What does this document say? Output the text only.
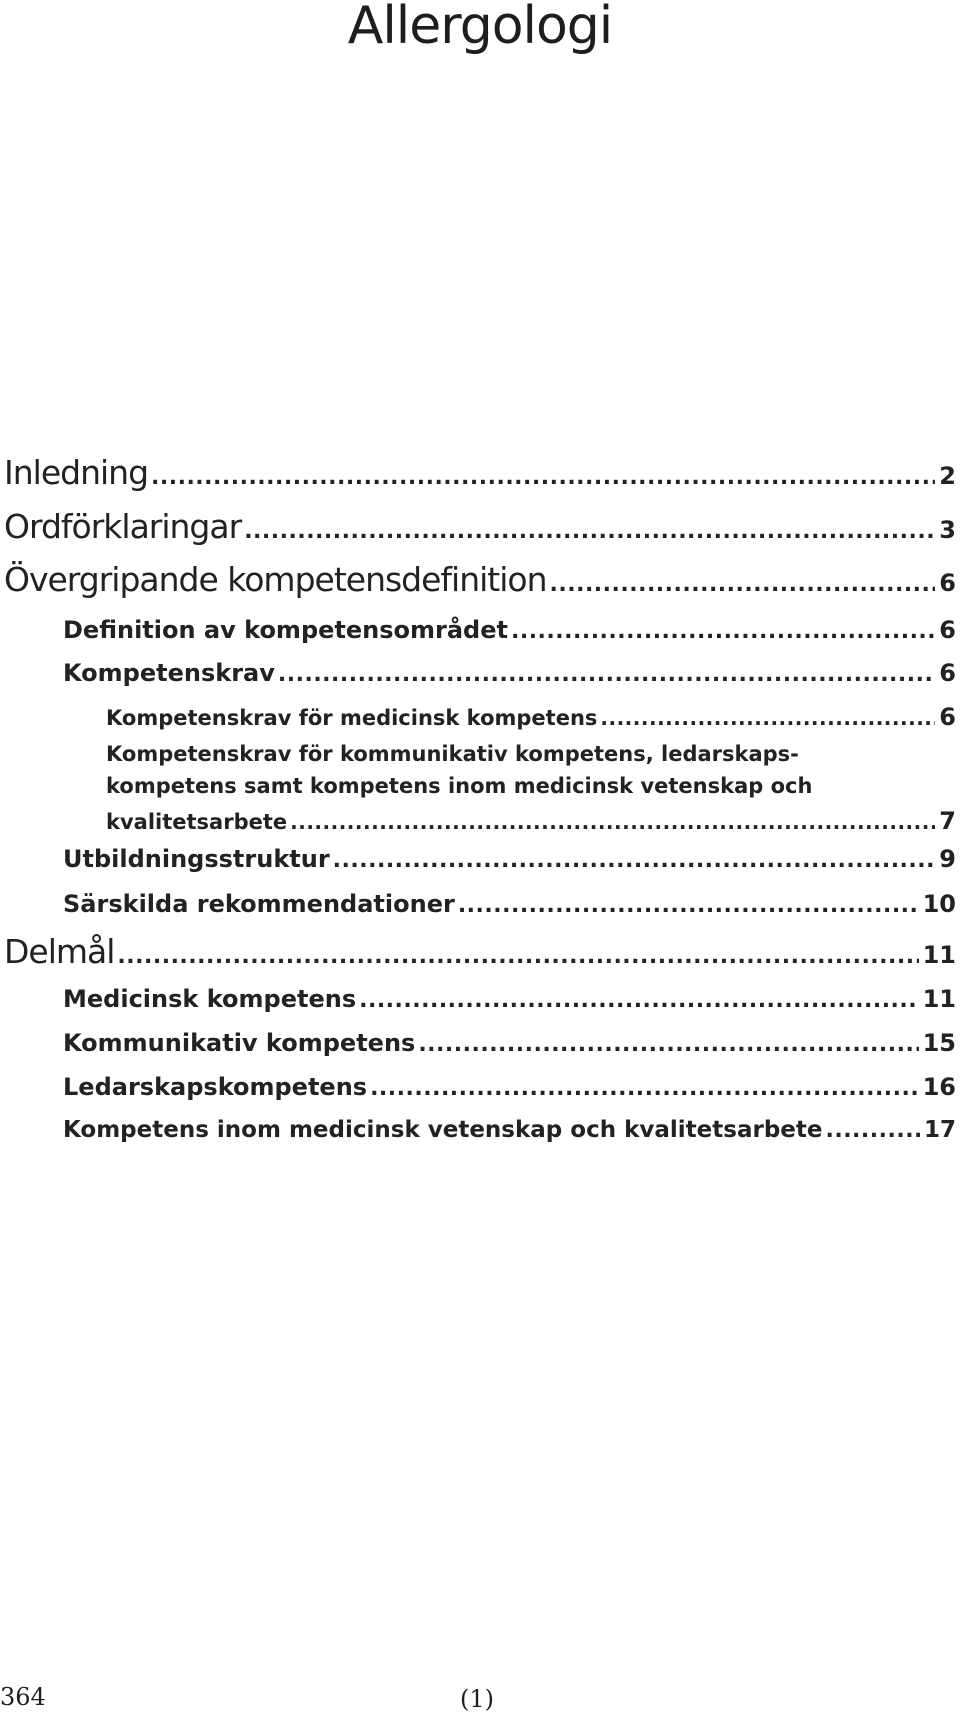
Allergologi
Inledning .....	2
Ordförklaringar .....	3
Övergripande kompetensdefinition .....	6
Definition av kompetensområdet .....	6
Kompetenskrav .....	6
Kompetenskrav för medicinsk kompetens .....	6
Kompetenskrav för kommunikativ kompetens, ledarskaps-
kompetens samt kompetens inom medicinsk vetenskap och
kvalitetsarbete .....	7
Utbildningsstruktur .....	9
Särskilda rekommendationer .....	10
Delmål .....	11
Medicinsk kompetens .....	11
Kommunikativ kompetens .....	15
Ledarskapskompetens .....	16
Kompetens inom medicinsk vetenskap och kvalitetsarbete .....	17
364	(1)
